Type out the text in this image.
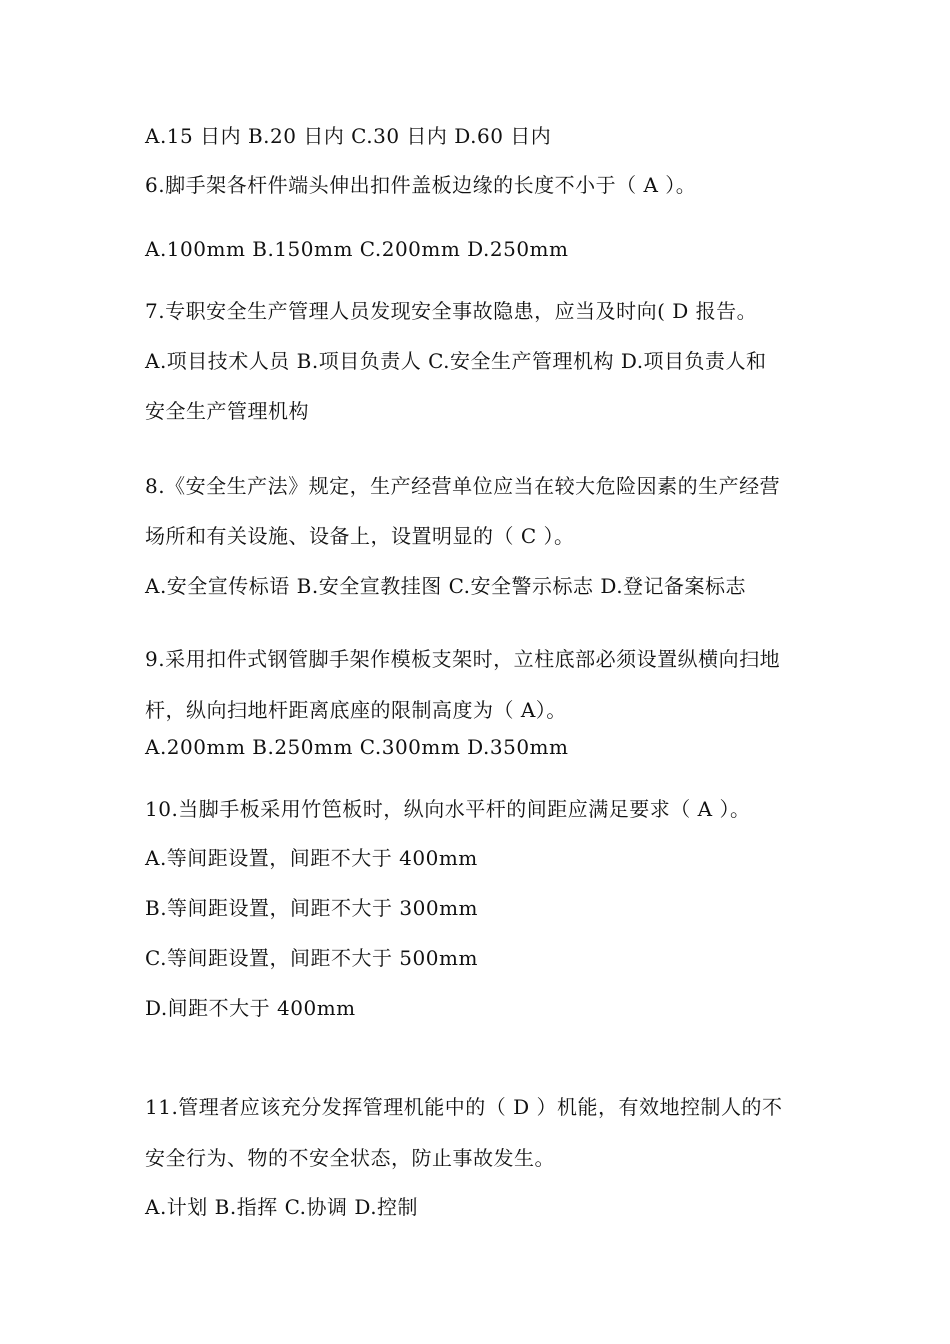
A.15 日内 B.20 日内 C.30 日内 D.60 日内
6.脚手架各杆件端头伸出扣件盖板边缘的长度不小于（ A ）。
A.100mm B.150mm C.200mm D.250mm
7.专职安全生产管理人员发现安全事故隐患，应当及时向( D 报告。
A.项目技术人员 B.项目负责人 C.安全生产管理机构 D.项目负责人和
安全生产管理机构
8.《安全生产法》规定，生产经营单位应当在较大危险因素的生产经营
场所和有关设施、设备上，设置明显的（ C ）。
A.安全宣传标语 B.安全宣教挂图 C.安全警示标志 D.登记备案标志
9.采用扣件式钢管脚手架作模板支架时，立柱底部必须设置纵横向扫地
杆，纵向扫地杆距离底座的限制高度为（ A）。
A.200mm B.250mm C.300mm D.350mm
10.当脚手板采用竹笆板时，纵向水平杆的间距应满足要求（ A ）。
A.等间距设置，间距不大于 400mm
B.等间距设置，间距不大于 300mm
C.等间距设置，间距不大于 500mm
D.间距不大于 400mm
11.管理者应该充分发挥管理机能中的（ D ）机能，有效地控制人的不
安全行为、物的不安全状态，防止事故发生。
A.计划 B.指挥 C.协调 D.控制
